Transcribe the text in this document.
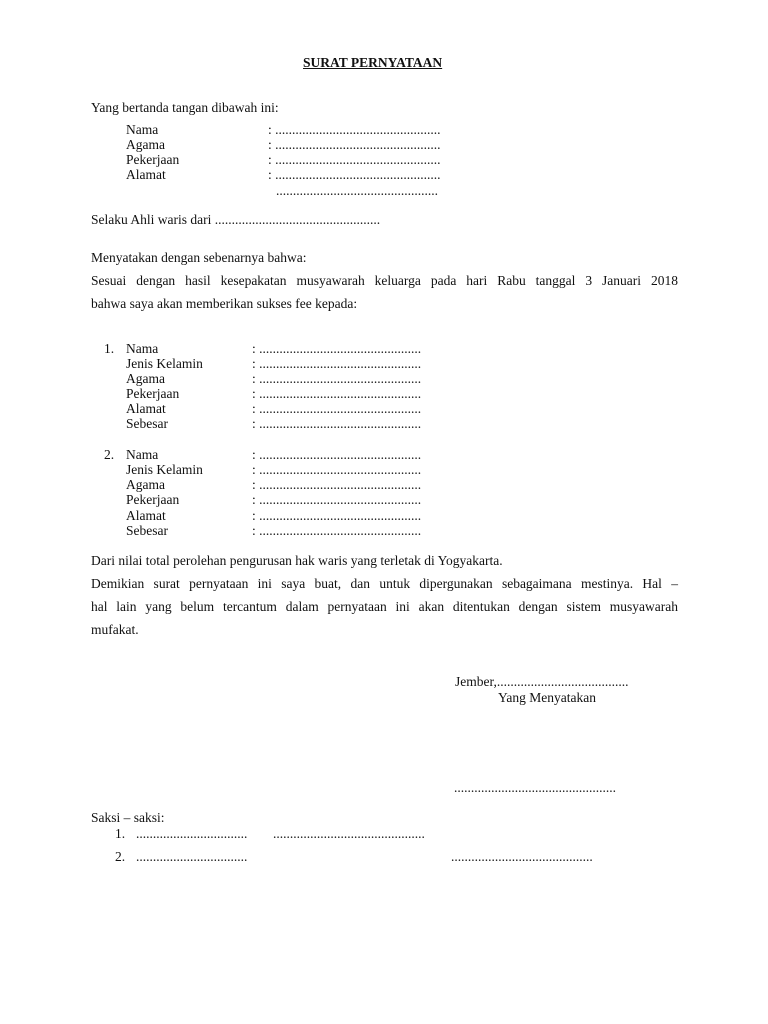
SURAT PERNYATAAN
Yang bertanda tangan dibawah ini:
Nama	: .................................................
Agama	: .................................................
Pekerjaan	: .................................................
Alamat	: .................................................
................................................
Selaku Ahli waris dari .................................................
Menyatakan dengan sebenarnya bahwa:
Sesuai dengan hasil kesepakatan musyawarah keluarga pada hari Rabu tanggal 3 Januari 2018
bahwa saya akan memberikan sukses fee kepada:
1. Nama	: ................................................
Jenis Kelamin	: ................................................
Agama	: ................................................
Pekerjaan	: ................................................
Alamat	: ................................................
Sebesar	: ................................................
2. Nama	: ................................................
Jenis Kelamin	: ................................................
Agama	: ................................................
Pekerjaan	: ................................................
Alamat	: ................................................
Sebesar	: ................................................
Dari nilai total perolehan pengurusan hak waris yang terletak di Yogyakarta.
Demikian surat pernyataan ini saya buat, dan untuk dipergunakan sebagaimana mestinya. Hal –
hal lain yang belum tercantum dalam pernyataan ini akan ditentukan dengan sistem musyawarah
mufakat.
Jember,.......................................
Yang Menyatakan
................................................
Saksi – saksi:
1. ................................. .............................................
2. .................................	..........................................
